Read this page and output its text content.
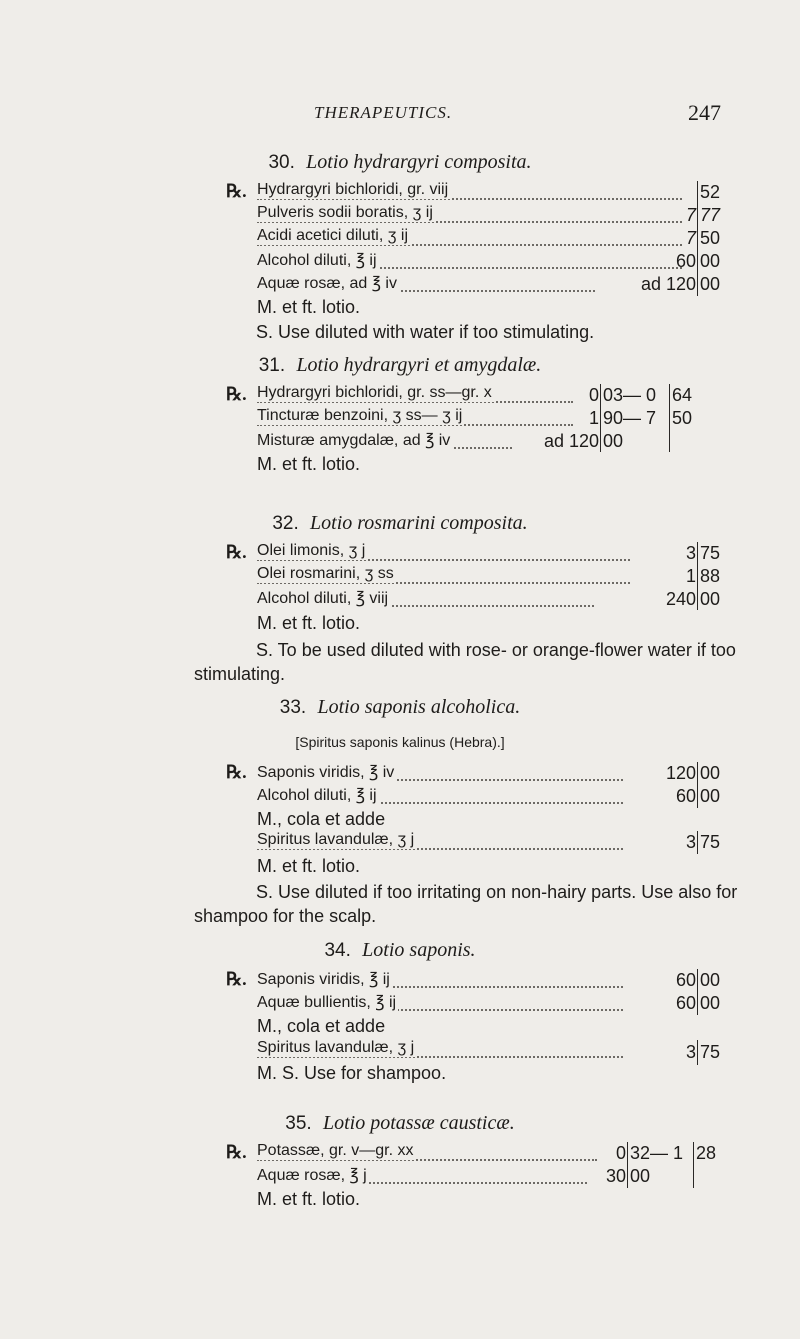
THERAPEUTICS.	247
30. Lotio hydrargyri composita.
℞. Hydrargyri bichloridi, gr. viij
Pulveris sodii boratis, ʒ ij
Acidi acetici diluti, ʒ ij
Alcohol diluti, ℥ ij
Aquæ rosæ, ad ℥ iv
7
7
60
ad 120
52
77
50
00
00
M. et ft. lotio.
S. Use diluted with water if too stimulating.
31. Lotio hydrargyri et amygdalæ.
℞. Hydrargyri bichloridi, gr. ss—gr. x
Tincturæ benzoini, ʒ ss— ʒ ij
Misturæ amygdalæ, ad ℥ iv
0
1
ad 120
03— 0
90— 7
00
64
50
M. et ft. lotio.
32. Lotio rosmarini composita.
℞. Olei limonis, ʒ j
Olei rosmarini, ʒ ss
Alcohol diluti, ℥ viij
3
1
240
75
88
00
M. et ft. lotio.
S. To be used diluted with rose- or orange-flower water if too stimulating.
33. Lotio saponis alcoholica.
[Spiritus saponis kalinus (Hebra).]
℞. Saponis viridis, ℥ iv
Alcohol diluti, ℥ ij
M., cola et adde
Spiritus lavandulæ, ʒ j
120
60
3
00
00
75
M. et ft. lotio.
S. Use diluted if too irritating on non-hairy parts. Use also for shampoo for the scalp.
34. Lotio saponis.
℞. Saponis viridis, ℥ ij
Aquæ bullientis, ℥ ij
M., cola et adde
Spiritus lavandulæ, ʒ j
60
60
3
00
00
75
M. S. Use for shampoo.
35. Lotio potassæ causticæ.
℞. Potassæ, gr. v—gr. xx
Aquæ rosæ, ℥ j
0
30
32— 1
00
28
M. et ft. lotio.
